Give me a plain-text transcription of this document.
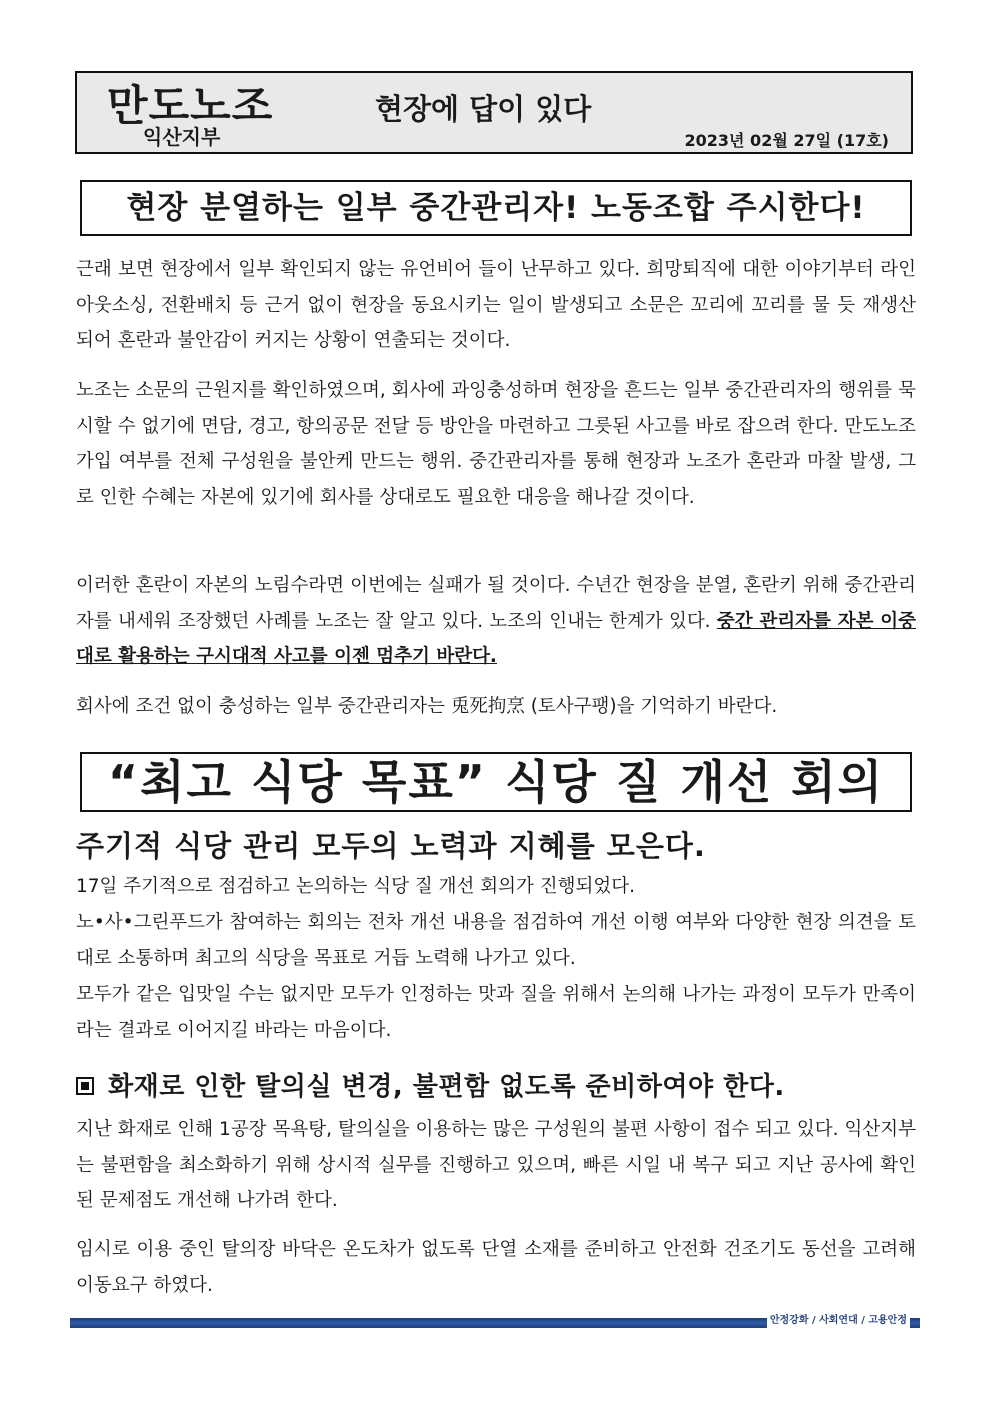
만도노조
익산지부
현장에 답이 있다
2023년 02월 27일 (17호)
현장 분열하는 일부 중간관리자! 노동조합 주시한다!

근래 보면 현장에서 일부 확인되지 않는 유언비어 들이 난무하고 있다. 희망퇴직에 대한 이야기부터 라인 아웃소싱, 전환배치 등 근거 없이 현장을 동요시키는 일이 발생되고 소문은 꼬리에 꼬리를 물 듯 재생산 되어 혼란과 불안감이 커지는 상황이 연출되는 것이다.

노조는 소문의 근원지를 확인하였으며, 회사에 과잉충성하며 현장을 흔드는 일부 중간관리자의 행위를 묵시할 수 없기에 면담, 경고, 항의공문 전달 등 방안을 마련하고 그릇된 사고를 바로 잡으려 한다. 만도노조 가입 여부를 전체 구성원을 불안케 만드는 행위. 중간관리자를 통해 현장과 노조가 혼란과 마찰 발생, 그로 인한 수혜는 자본에 있기에 회사를 상대로도 필요한 대응을 해나갈 것이다.

이러한 혼란이 자본의 노림수라면 이번에는 실패가 될 것이다. 수년간 현장을 분열, 혼란키 위해 중간관리자를 내세워 조장했던 사례를 노조는 잘 알고 있다. 노조의 인내는 한계가 있다. 중간 관리자를 자본 이중대로 활용하는 구시대적 사고를 이젠 멈추기 바란다.

회사에 조건 없이 충성하는 일부 중간관리자는 兎死拘烹 (토사구팽)을 기억하기 바란다.

“최고 식당 목표” 식당 질 개선 회의
주기적 식당 관리 모두의 노력과 지혜를 모은다.

17일 주기적으로 점검하고 논의하는 식당 질 개선 회의가 진행되었다.

노•사•그린푸드가 참여하는 회의는 전차 개선 내용을 점검하여 개선 이행 여부와 다양한 현장 의견을 토대로 소통하며 최고의 식당을 목표로 거듭 노력해 나가고 있다.

모두가 같은 입맛일 수는 없지만 모두가 인정하는 맛과 질을 위해서 논의해 나가는 과정이 모두가 만족이라는 결과로 이어지길 바라는 마음이다.

화재로 인한 탈의실 변경, 불편함 없도록 준비하여야 한다.

지난 화재로 인해 1공장 목욕탕, 탈의실을 이용하는 많은 구성원의 불편 사항이 접수 되고 있다. 익산지부는 불편함을 최소화하기 위해 상시적 실무를 진행하고 있으며, 빠른 시일 내 복구 되고 지난 공사에 확인된 문제점도 개선해 나가려 한다.

임시로 이용 중인 탈의장 바닥은 온도차가 없도록 단열 소재를 준비하고 안전화 건조기도 동선을 고려해 이동요구 하였다.

안정강화 / 사회연대 / 고용안정
